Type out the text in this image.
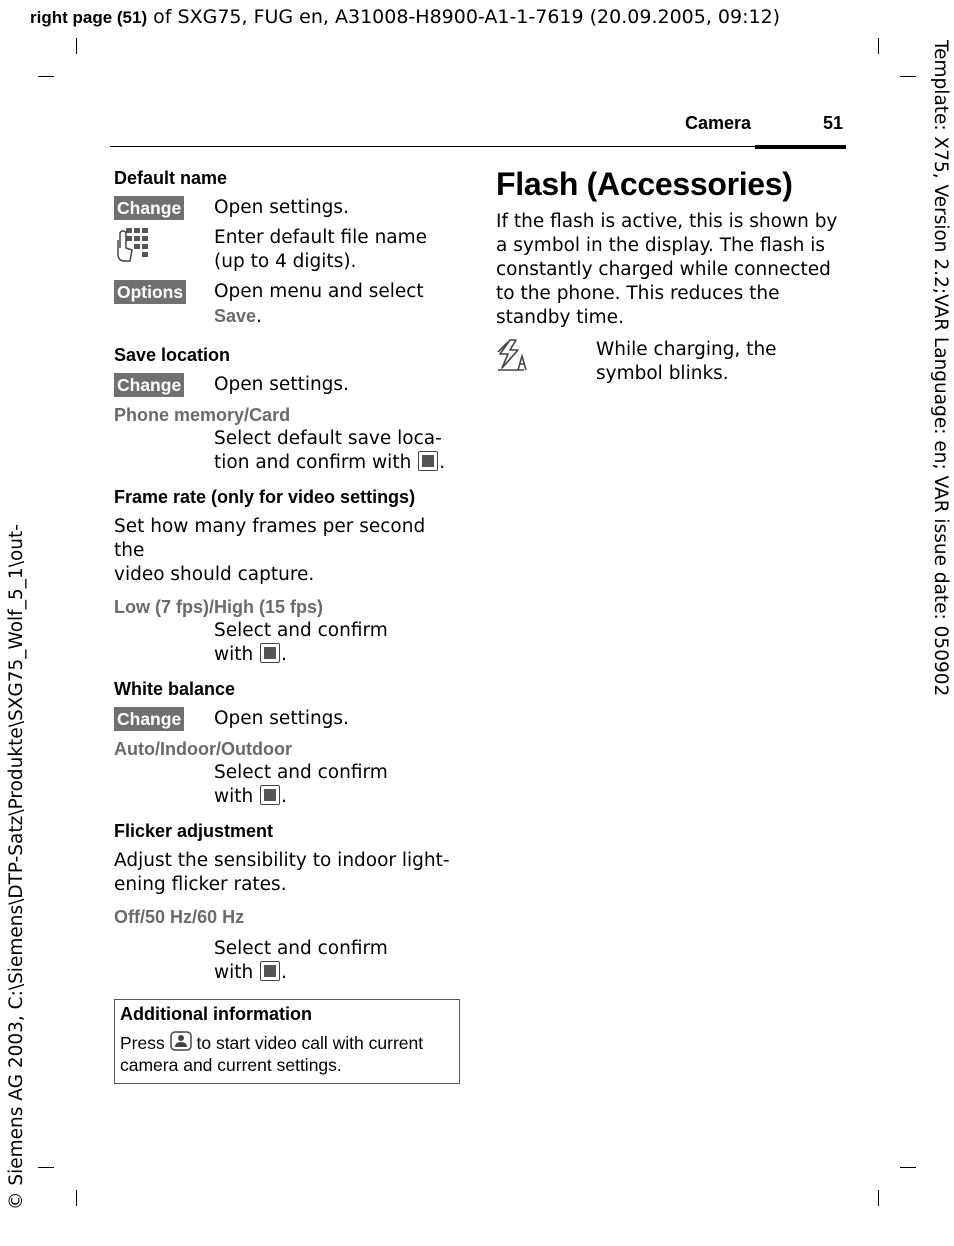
right page (51) of SXG75, FUG en, A31008-H8900-A1-1-7619 (20.09.2005, 09:12)
Template: X75, Version 2.2;VAR Language: en; VAR issue date: 050902
© Siemens AG 2003, C:\Siemens\DTP-Satz\Produkte\SXG75_Wolf_5_1\out-
Camera	51
Default name
Change	Open settings.
Enter default file name
(up to 4 digits).
Options	Open menu and select
Save.
Save location
Change	Open settings.
Phone memory/Card
Select default save loca-
tion and confirm with .
Frame rate (only for video settings)
Set how many frames per second the
video should capture.
Low (7 fps)/High (15 fps)
Select and confirm
with .
White balance
Change	Open settings.
Auto/Indoor/Outdoor
Select and confirm
with .
Flicker adjustment
Adjust the sensibility to indoor light-
ening flicker rates.
Off/50 Hz/60 Hz
Select and confirm
with .
Additional information
Press to start video call with current
camera and current settings.
Flash (Accessories)
If the flash is active, this is shown by
a symbol in the display. The flash is
constantly charged while connected
to the phone. This reduces the
standby time.
While charging, the
symbol blinks.
